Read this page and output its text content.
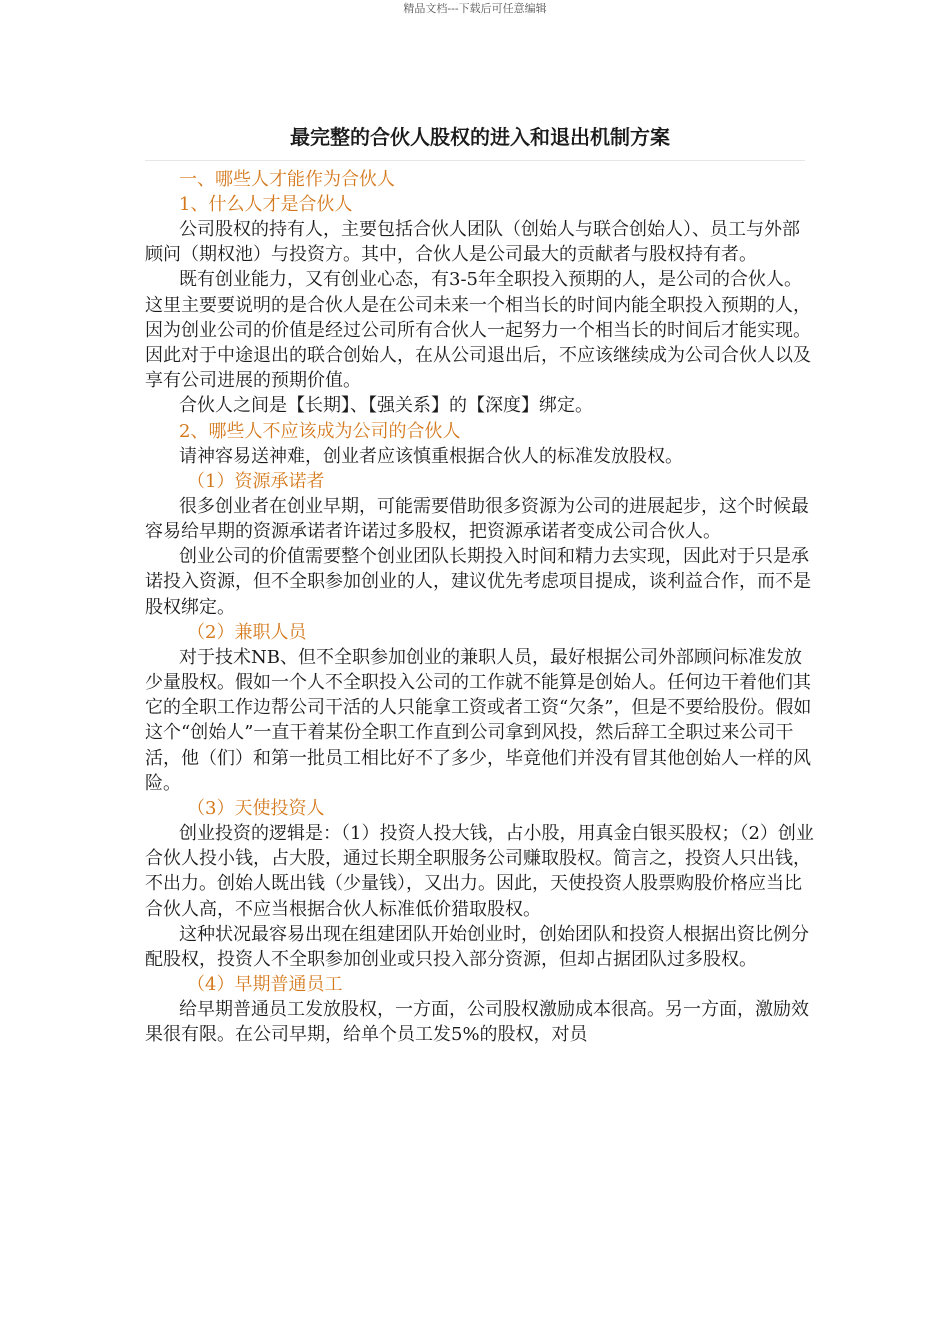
精品文档---下载后可任意编辑
最完整的合伙人股权的进入和退出机制方案
一、哪些人才能作为合伙人
1、什么人才是合伙人

公司股权的持有人，主要包括合伙人团队（创始人与联合创始人）、员工与外部顾问（期权池）与投资方。其中，合伙人是公司最大的贡献者与股权持有者。

既有创业能力，又有创业心态，有3-5年全职投入预期的人，是公司的合伙人。这里主要要说明的是合伙人是在公司未来一个相当长的时间内能全职投入预期的人，因为创业公司的价值是经过公司所有合伙人一起努力一个相当长的时间后才能实现。因此对于中途退出的联合创始人，在从公司退出后，不应该继续成为公司合伙人以及享有公司进展的预期价值。

合伙人之间是【长期】、【强关系】的【深度】绑定。

2、哪些人不应该成为公司的合伙人

请神容易送神难，创业者应该慎重根据合伙人的标准发放股权。

（1）资源承诺者

很多创业者在创业早期，可能需要借助很多资源为公司的进展起步，这个时候最容易给早期的资源承诺者许诺过多股权，把资源承诺者变成公司合伙人。

创业公司的价值需要整个创业团队长期投入时间和精力去实现，因此对于只是承诺投入资源，但不全职参加创业的人，建议优先考虑项目提成，谈利益合作，而不是股权绑定。

（2）兼职人员

对于技术NB、但不全职参加创业的兼职人员，最好根据公司外部顾问标准发放少量股权。假如一个人不全职投入公司的工作就不能算是创始人。任何边干着他们其它的全职工作边帮公司干活的人只能拿工资或者工资“欠条”，但是不要给股份。假如这个“创始人”一直干着某份全职工作直到公司拿到风投，然后辞工全职过来公司干活，他（们）和第一批员工相比好不了多少，毕竟他们并没有冒其他创始人一样的风险。

（3）天使投资人

创业投资的逻辑是：（1）投资人投大钱，占小股，用真金白银买股权；（2）创业合伙人投小钱，占大股，通过长期全职服务公司赚取股权。简言之，投资人只出钱，不出力。创始人既出钱（少量钱），又出力。因此，天使投资人股票购股价格应当比合伙人高，不应当根据合伙人标准低价猎取股权。

这种状况最容易出现在组建团队开始创业时，创始团队和投资人根据出资比例分配股权，投资人不全职参加创业或只投入部分资源，但却占据团队过多股权。

（4）早期普通员工

给早期普通员工发放股权，一方面，公司股权激励成本很高。另一方面，激励效果很有限。在公司早期，给单个员工发5%的股权，对员
